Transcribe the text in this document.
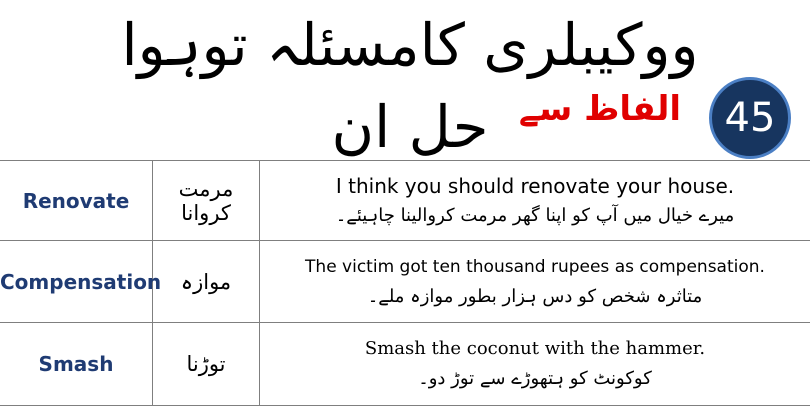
ووکیبلری کامسئلہ توہوا حل ان الفاظ سے	45
Renovate	مرمت کروانا	I think you should renovate your house.
میرے خیال میں آپ کو اپنا گھر مرمت کروالینا چاہیئے۔

Compensation	موازہ	The victim got ten thousand rupees as compensation.
متاثرہ شخص کو دس ہزار بطور موازہ ملے۔

Smash	توڑنا	Smash the coconut with the hammer.
کوکونٹ کو ہتھوڑے سے توڑ دو۔
